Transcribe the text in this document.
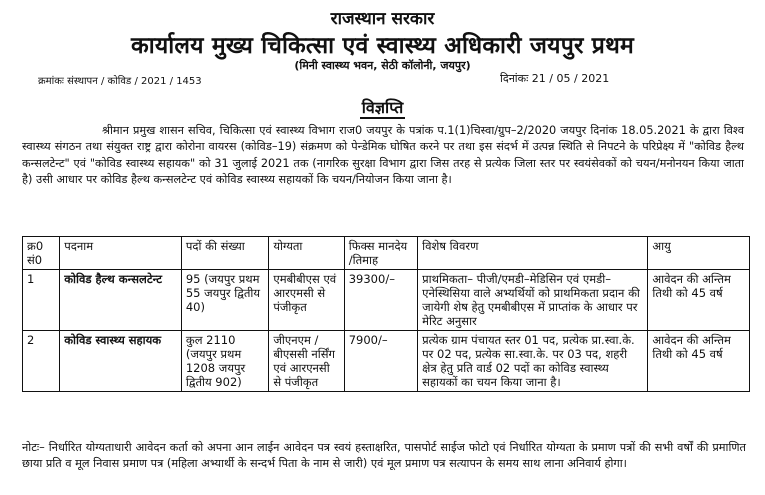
राजस्थान सरकार
कार्यालय मुख्य चिकित्सा एवं स्वास्थ्य अधिकारी जयपुर प्रथम
(मिनी स्वास्थ्य भवन, सेठी कॉलोनी, जयपुर)
क्रमांकः संस्थापन / कोविड / 2021 / 1453	दिनांकः 21 / 05 / 2021
विज्ञप्ति
श्रीमान प्रमुख शासन सचिव, चिकित्सा एवं स्वास्थ्य विभाग राज0 जयपुर के पत्रांक प.1(1)चिस्वा/ग्रुप–2/2020 जयपुर दिनांक 18.05.2021 के द्वारा विश्व स्वास्थ्य संगठन तथा संयुक्त राष्ट्र द्वारा कोरोना वायरस (कोविड–19) संक्रमण को पेन्डेमिक घोषित करने पर तथा इस संदर्भ में उत्पन्न स्थिति से निपटने के परिप्रेक्ष्य में "कोविड हैल्थ कन्सलटेन्ट" एवं "कोविड स्वास्थ्य सहायक" को 31 जुलाई 2021 तक (नागरिक सुरक्षा विभाग द्वारा जिस तरह से प्रत्येक जिला स्तर पर स्वयंसेवकों को चयन/मनोनयन किया जाता है) उसी आधार पर कोविड हैल्थ कन्सलटेन्ट एवं कोविड स्वास्थ्य सहायकों कि चयन/नियोजन किया जाना है।
क्र0 सं0	पदनाम	पदों की संख्या	योग्यता	फिक्स मानदेय /तिमाह	विशेष विवरण	आयु
1	कोविड हैल्थ कन्सलटेन्ट	95 (जयपुर प्रथम 55 जयपुर द्वितीय 40)	एमबीबीएस एवं आरएमसी से पंजीकृत	39300/–	प्राथमिकता– पीजी/एमडी–मेडिसिन एवं एमडी–एनेस्थिसिया वाले अभ्यर्थियों को प्राथमिकता प्रदान की जायेगी शेष हेतु एमबीबीएस में प्राप्तांक के आधार पर मेरिट अनुसार	आवेदन की अन्तिम तिथी को 45 वर्ष
2	कोविड स्वास्थ्य सहायक	कुल 2110 (जयपुर प्रथम 1208 जयपुर द्वितीय 902)	जीएनएम /बीएससी नर्सिंग एवं आरएनसी से पंजीकृत	7900/–	प्रत्येक ग्राम पंचायत स्तर 01 पद, प्रत्येक प्रा.स्वा.के. पर 02 पद, प्रत्येक सा.स्वा.के. पर 03 पद, शहरी क्षेत्र हेतु प्रति वार्ड 02 पदों का कोविड स्वास्थ्य सहायकों का चयन किया जाना है।	आवेदन की अन्तिम तिथी को 45 वर्ष
नोटः– निर्धारित योग्यताधारी आवेदन कर्ता को अपना आन लाईन आवेदन पत्र स्वयं हस्ताक्षरित, पासपोर्ट साईज फोटो एवं निर्धारित योग्यता के प्रमाण पत्रों की सभी वर्षों की प्रमाणित छाया प्रति व मूल निवास प्रमाण पत्र (महिला अभ्यार्थी के सन्दर्भ पिता के नाम से जारी) एवं मूल प्रमाण पत्र सत्यापन के समय साथ लाना अनिवार्य होगा।
